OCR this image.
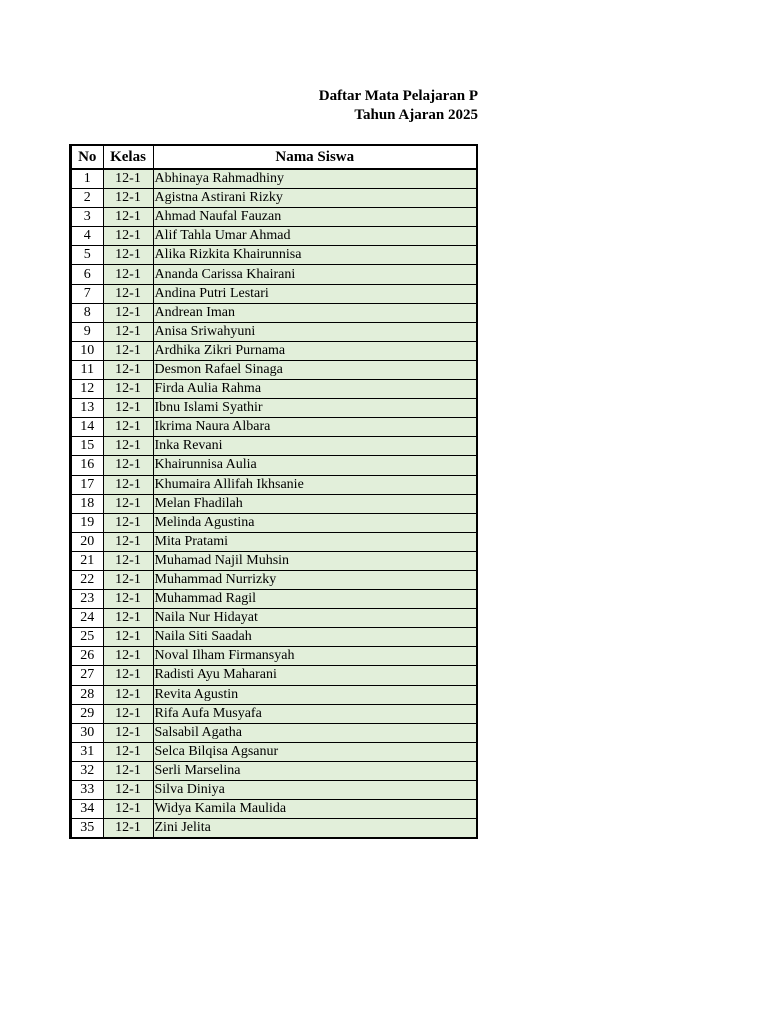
Daftar Mata Pelajaran P
Tahun Ajaran 2025
No	Kelas	Nama Siswa
1	12-1	Abhinaya Rahmadhiny
2	12-1	Agistna Astirani Rizky
3	12-1	Ahmad Naufal Fauzan
4	12-1	Alif Tahla Umar Ahmad
5	12-1	Alika Rizkita Khairunnisa
6	12-1	Ananda Carissa Khairani
7	12-1	Andina Putri Lestari
8	12-1	Andrean Iman
9	12-1	Anisa Sriwahyuni
10	12-1	Ardhika Zikri Purnama
11	12-1	Desmon Rafael Sinaga
12	12-1	Firda Aulia Rahma
13	12-1	Ibnu Islami Syathir
14	12-1	Ikrima Naura Albara
15	12-1	Inka Revani
16	12-1	Khairunnisa Aulia
17	12-1	Khumaira Allifah Ikhsanie
18	12-1	Melan Fhadilah
19	12-1	Melinda Agustina
20	12-1	Mita Pratami
21	12-1	Muhamad Najil Muhsin
22	12-1	Muhammad Nurrizky
23	12-1	Muhammad Ragil
24	12-1	Naila Nur Hidayat
25	12-1	Naila Siti Saadah
26	12-1	Noval Ilham Firmansyah
27	12-1	Radisti Ayu Maharani
28	12-1	Revita Agustin
29	12-1	Rifa Aufa Musyafa
30	12-1	Salsabil Agatha
31	12-1	Selca Bilqisa Agsanur
32	12-1	Serli Marselina
33	12-1	Silva Diniya
34	12-1	Widya Kamila Maulida
35	12-1	Zini Jelita
